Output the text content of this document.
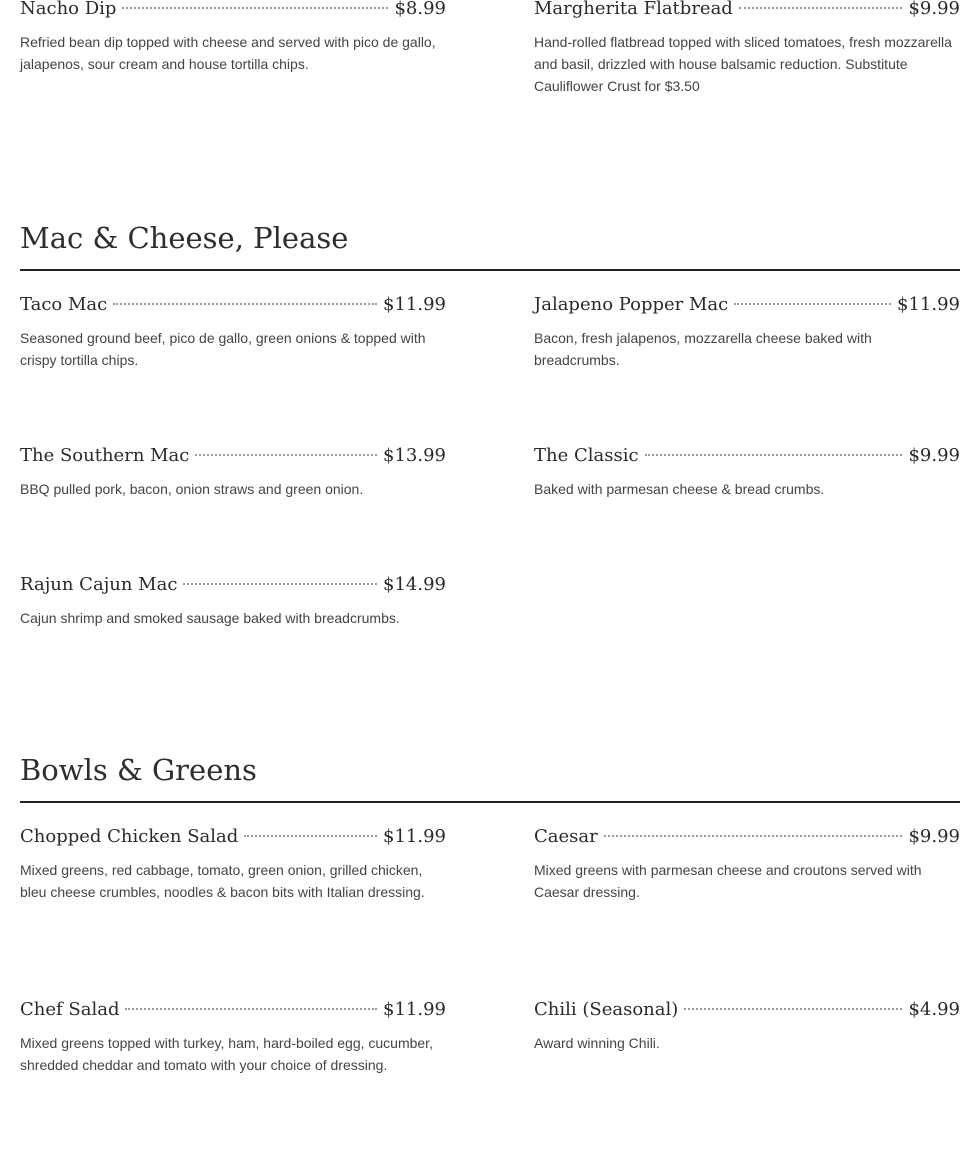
Nacho Dip	$8.99
Refried bean dip topped with cheese and served with pico de gallo, jalapenos, sour cream and house tortilla chips.
Margherita Flatbread	$9.99
Hand-rolled flatbread topped with sliced tomatoes, fresh mozzarella and basil, drizzled with house balsamic reduction. Substitute Cauliflower Crust for $3.50
Mac & Cheese, Please
Taco Mac	$11.99
Seasoned ground beef, pico de gallo, green onions & topped with crispy tortilla chips.
Jalapeno Popper Mac	$11.99
Bacon, fresh jalapenos, mozzarella cheese baked with breadcrumbs.
The Southern Mac	$13.99
BBQ pulled pork, bacon, onion straws and green onion.
The Classic	$9.99
Baked with parmesan cheese & bread crumbs.
Rajun Cajun Mac	$14.99
Cajun shrimp and smoked sausage baked with breadcrumbs.
Bowls & Greens
Chopped Chicken Salad	$11.99
Mixed greens, red cabbage, tomato, green onion, grilled chicken, bleu cheese crumbles, noodles & bacon bits with Italian dressing.
Caesar	$9.99
Mixed greens with parmesan cheese and croutons served with Caesar dressing.
Chef Salad	$11.99
Mixed greens topped with turkey, ham, hard-boiled egg, cucumber, shredded cheddar and tomato with your choice of dressing.
Chili (Seasonal)	$4.99
Award winning Chili.
